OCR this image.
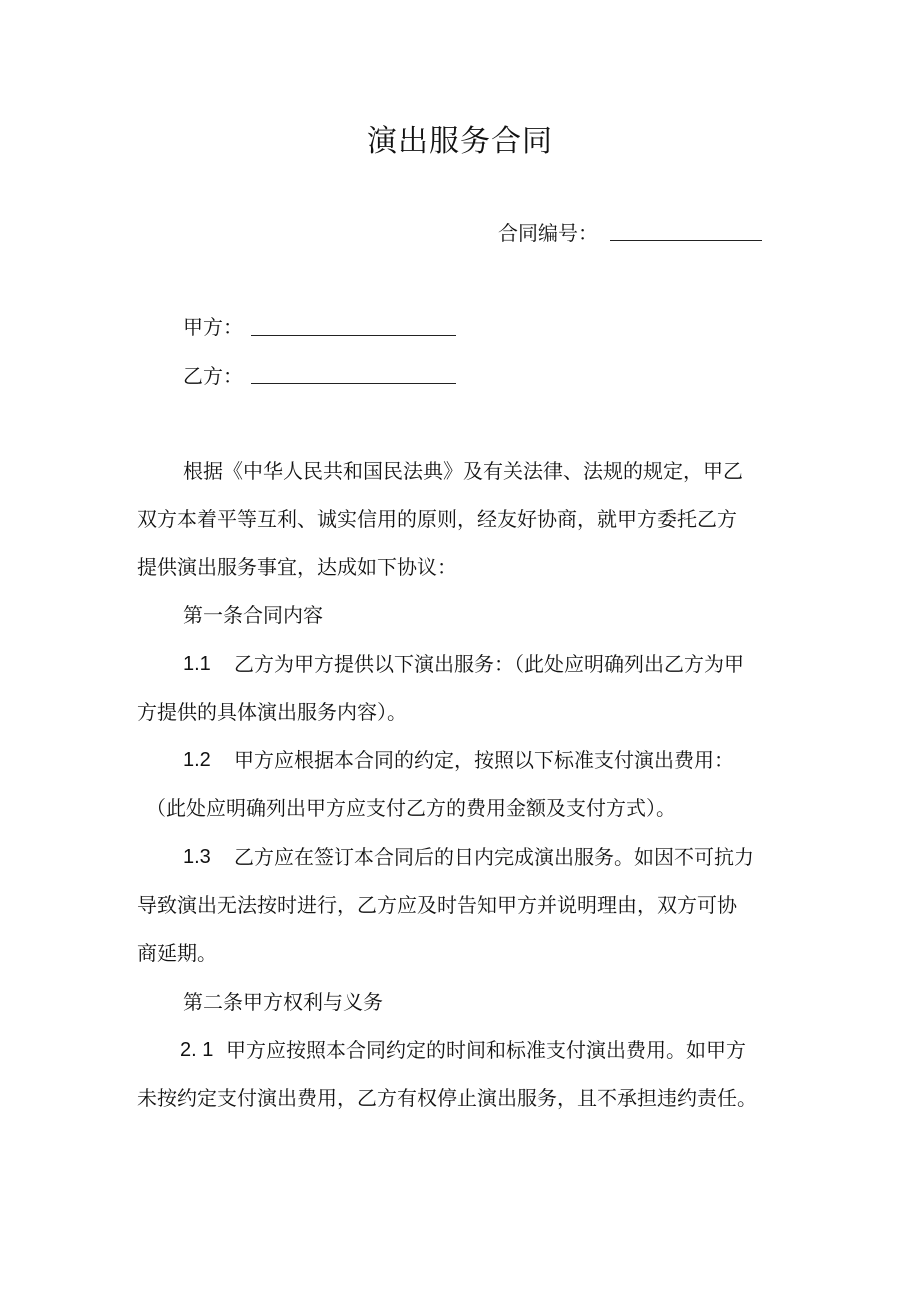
演出服务合同
合同编号：
甲方：
乙方：
根据《中华人民共和国民法典》及有关法律、法规的规定，甲乙
双方本着平等互利、诚实信用的原则，经友好协商，就甲方委托乙方
提供演出服务事宜，达成如下协议：
第一条合同内容
1.1 乙方为甲方提供以下演出服务：（此处应明确列出乙方为甲
方提供的具体演出服务内容）。
1.2 甲方应根据本合同的约定，按照以下标准支付演出费用：
（此处应明确列出甲方应支付乙方的费用金额及支付方式）。
1.3 乙方应在签订本合同后的日内完成演出服务。如因不可抗力
导致演出无法按时进行，乙方应及时告知甲方并说明理由，双方可协
商延期。
第二条甲方权利与义务
2. 1 甲方应按照本合同约定的时间和标准支付演出费用。如甲方
未按约定支付演出费用，乙方有权停止演出服务，且不承担违约责任。
